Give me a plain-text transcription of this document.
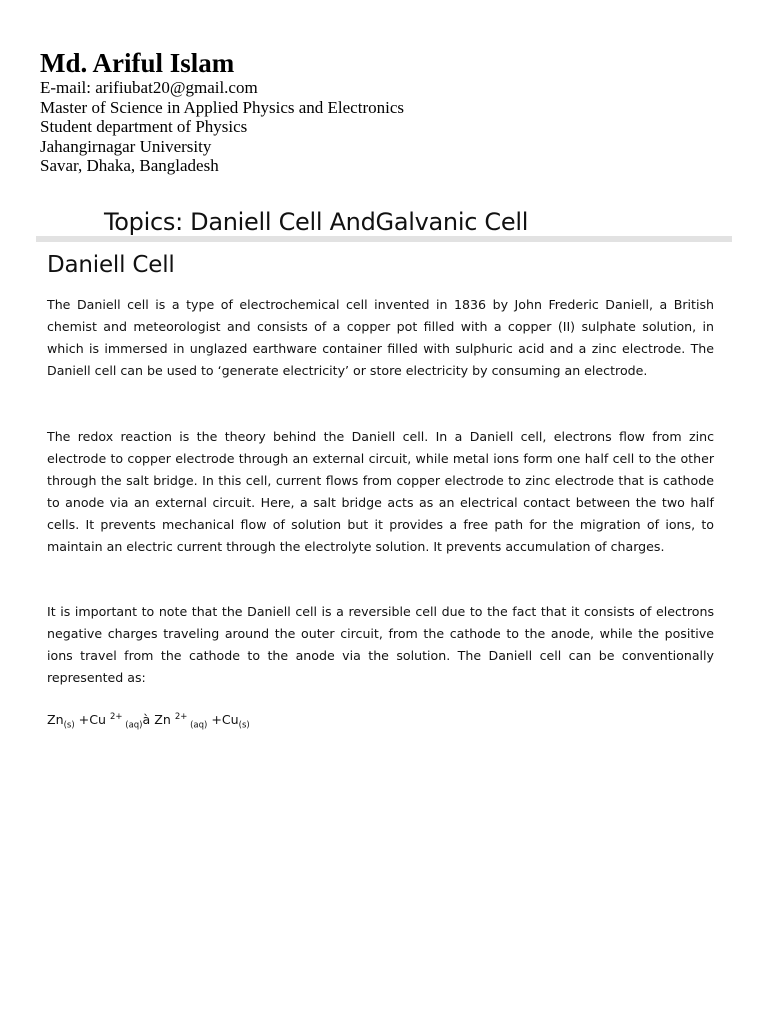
Md. Ariful Islam

E-mail: arifiubat20@gmail.com

Master of Science in Applied Physics and Electronics

Student department of Physics

Jahangirnagar University

Savar, Dhaka, Bangladesh

Topics: Daniell Cell AndGalvanic Cell
Daniell Cell

The Daniell cell is a type of electrochemical cell invented in 1836 by John Frederic Daniell, a British chemist and meteorologist and consists of a copper pot filled with a copper (II) sulphate solution, in which is immersed in unglazed earthware container filled with sulphuric acid and a zinc electrode. The Daniell cell can be used to ‘generate electricity’ or store electricity by consuming an electrode.

The redox reaction is the theory behind the Daniell cell. In a Daniell cell, electrons flow from zinc electrode to copper electrode through an external circuit, while metal ions form one half cell to the other through the salt bridge. In this cell, current flows from copper electrode to zinc electrode that is cathode to anode via an external circuit. Here, a salt bridge acts as an electrical contact between the two half cells. It prevents mechanical flow of solution but it provides a free path for the migration of ions, to maintain an electric current through the electrolyte solution. It prevents accumulation of charges.

It is important to note that the Daniell cell is a reversible cell due to the fact that it consists of electrons negative charges traveling around the outer circuit, from the cathode to the anode, while the positive ions travel from the cathode to the anode via the solution. The Daniell cell can be conventionally represented as:

$Zn_{(s)} +Cu$ $^{2+}$ $_{(aq)}$à Zn $^{2+}$ $_{(aq)} +Cu_{(s)}$
